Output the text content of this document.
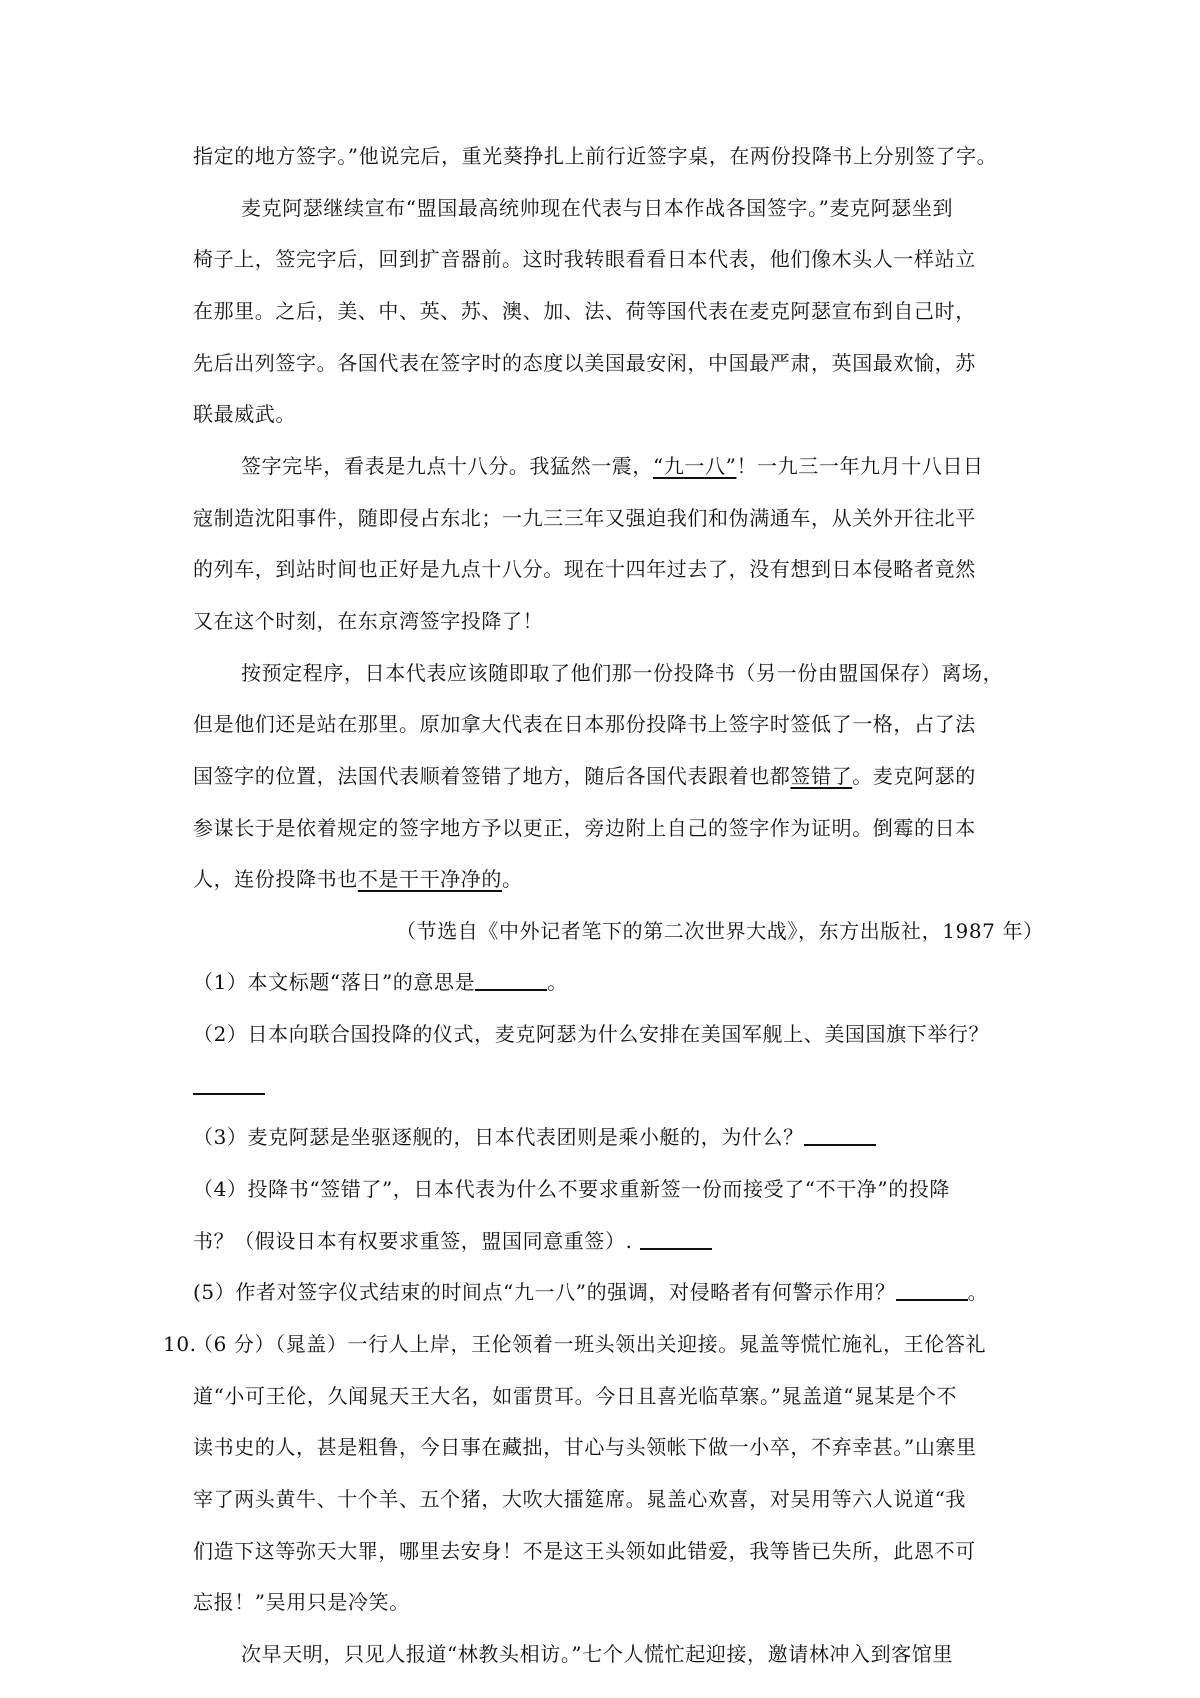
指定的地方签字。”他说完后，重光葵挣扎上前行近签字桌，在两份投降书上分别签了字。
麦克阿瑟继续宣布“盟国最高统帅现在代表与日本作战各国签字。”麦克阿瑟坐到
椅子上，签完字后，回到扩音器前。这时我转眼看看日本代表，他们像木头人一样站立
在那里。之后，美、中、英、苏、澳、加、法、荷等国代表在麦克阿瑟宣布到自己时，
先后出列签字。各国代表在签字时的态度以美国最安闲，中国最严肃，英国最欢愉，苏
联最威武。
签字完毕，看表是九点十八分。我猛然一震，“九一八”！一九三一年九月十八日日
寇制造沈阳事件，随即侵占东北；一九三三年又强迫我们和伪满通车，从关外开往北平
的列车，到站时间也正好是九点十八分。现在十四年过去了，没有想到日本侵略者竟然
又在这个时刻，在东京湾签字投降了！
按预定程序，日本代表应该随即取了他们那一份投降书（另一份由盟国保存）离场，
但是他们还是站在那里。原加拿大代表在日本那份投降书上签字时签低了一格，占了法
国签字的位置，法国代表顺着签错了地方，随后各国代表跟着也都签错了。麦克阿瑟的
参谋长于是依着规定的签字地方予以更正，旁边附上自己的签字作为证明。倒霉的日本
人，连份投降书也不是干干净净的。
（节选自《中外记者笔下的第二次世界大战》，东方出版社，1987 年）
（1）本文标题“落日”的意思是	。
（2）日本向联合国投降的仪式，麦克阿瑟为什么安排在美国军舰上、美国国旗下举行？
（3）麦克阿瑟是坐驱逐舰的，日本代表团则是乘小艇的，为什么？
（4）投降书“签错了”，日本代表为什么不要求重新签一份而接受了“不干净”的投降
书？（假设日本有权要求重签，盟国同意重签）.
(5）作者对签字仪式结束的时间点“九一八”的强调，对侵略者有何警示作用？	。
10.
（6 分）（晁盖）一行人上岸，王伦领着一班头领出关迎接。晁盖等慌忙施礼，王伦答礼
道“小可王伦，久闻晁天王大名，如雷贯耳。今日且喜光临草寨。”晁盖道“晁某是个不
读书史的人，甚是粗鲁，今日事在藏拙，甘心与头领帐下做一小卒，不弃幸甚。”山寨里
宰了两头黄牛、十个羊、五个猪，大吹大擂筵席。晁盖心欢喜，对吴用等六人说道“我
们造下这等弥天大罪，哪里去安身！不是这王头领如此错爱，我等皆已失所，此恩不可
忘报！”吴用只是冷笑。
次早天明，只见人报道“林教头相访。”七个人慌忙起迎接，邀请林冲入到客馆里
